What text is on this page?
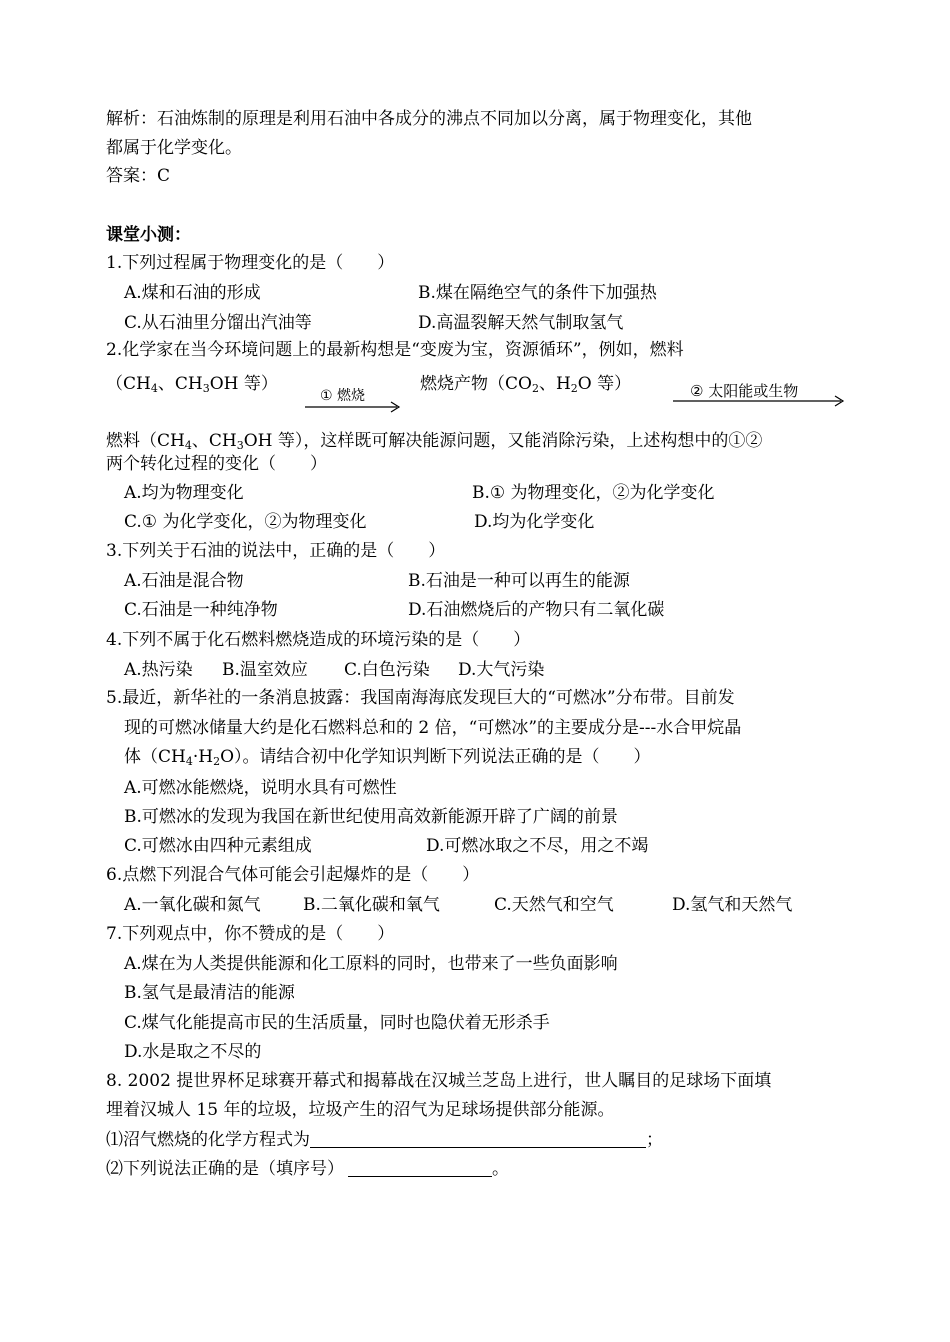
解析：石油炼制的原理是利用石油中各成分的沸点不同加以分离，属于物理变化，其他
都属于化学变化。
答案：C
课堂小测：
1.下列过程属于物理变化的是（　　）
A.煤和石油的形成	B.煤在隔绝空气的条件下加强热
C.从石油里分馏出汽油等	D.高温裂解天然气制取氢气
2.化学家在当今环境问题上的最新构想是“变废为宝，资源循环”，例如，燃料
（$CH_4$、$CH_3OH$ 等）
① 燃烧
燃烧产物（$CO_2$、$H_2O$ 等）	② 太阳能或生物
燃料（$CH_4$、$CH_3OH$ 等），这样既可解决能源问题，又能消除污染，上述构想中的①②
两个转化过程的变化（　　）
A.均为物理变化	B.① 为物理变化，②为化学变化
C.① 为化学变化，②为物理变化	D.均为化学变化
3.下列关于石油的说法中，正确的是（　　）
A.石油是混合物	B.石油是一种可以再生的能源
C.石油是一种纯净物	D.石油燃烧后的产物只有二氧化碳
4.下列不属于化石燃料燃烧造成的环境污染的是（　　）
A.热污染 B.温室效应 C.白色污染 D.大气污染
5.最近，新华社的一条消息披露：我国南海海底发现巨大的“可燃冰”分布带。目前发
现的可燃冰储量大约是化石燃料总和的 2 倍，“可燃冰”的主要成分是---水合甲烷晶
体$(CH_4\cdot H_2O)$。请结合初中化学知识判断下列说法正确的是（　　）
A.可燃冰能燃烧，说明水具有可燃性
B.可燃冰的发现为我国在新世纪使用高效新能源开辟了广阔的前景
C.可燃冰由四种元素组成	D.可燃冰取之不尽，用之不竭
6.点燃下列混合气体可能会引起爆炸的是（　　）
A.一氧化碳和氮气 B.二氧化碳和氧气	C.天然气和空气	D.氢气和天然气
7.下列观点中，你不赞成的是（　　）
A.煤在为人类提供能源和化工原料的同时，也带来了一些负面影响
B.氢气是最清洁的能源
C.煤气化能提高市民的生活质量，同时也隐伏着无形杀手
D.水是取之不尽的
8. 2002 提世界杯足球赛开幕式和揭幕战在汉城兰芝岛上进行，世人瞩目的足球场下面填
埋着汉城人 15 年的垃圾，垃圾产生的沼气为足球场提供部分能源。
⑴沼气燃烧的化学方程式为	；
⑵下列说法正确的是（填序号）	。
